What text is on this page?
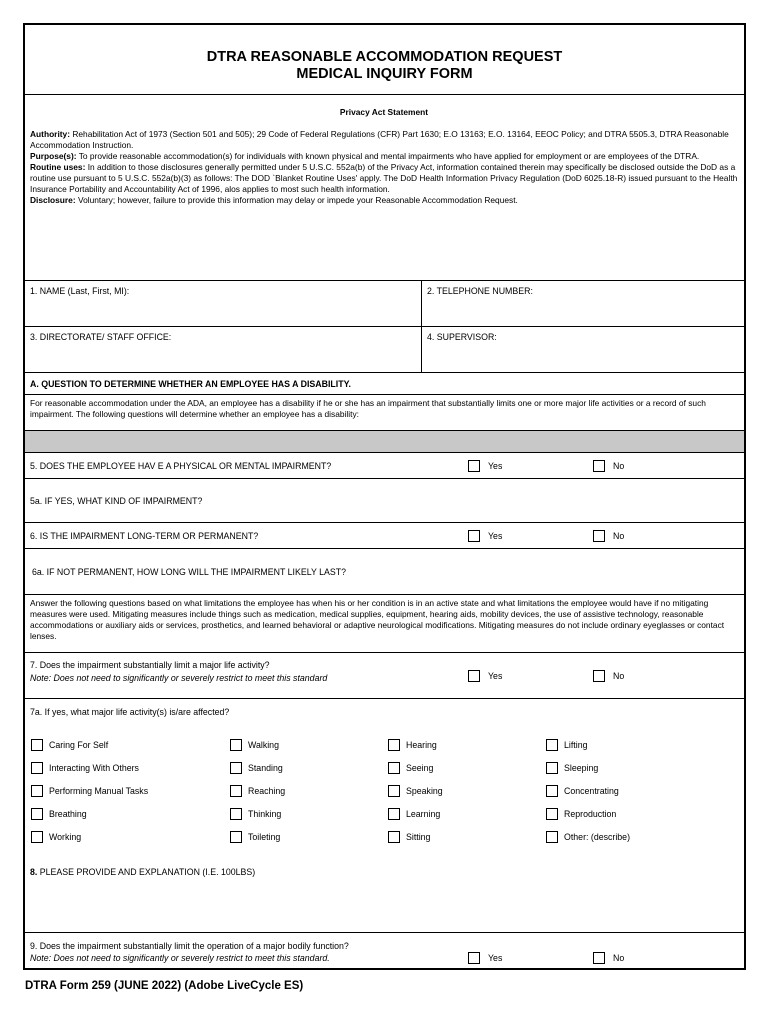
DTRA REASONABLE ACCOMMODATION REQUEST
MEDICAL INQUIRY FORM
Privacy Act Statement
Authority: Rehabilitation Act of 1973 (Section 501 and 505); 29 Code of Federal Regulations (CFR) Part 1630; E.O 13163; E.O. 13164, EEOC Policy; and DTRA 5505.3, DTRA Reasonable Accommodation Instruction.
Purpose(s): To provide reasonable accommodation(s) for individuals with known physical and mental impairments who have applied for employment or are employees of the DTRA.
Routine uses: In addition to those disclosures generally permitted under 5 U.S.C. 552a(b) of the Privacy Act, information contained therein may specifically be disclosed outside the DoD as a routine use pursuant to 5 U.S.C. 552a(b)(3) as follows: The DOD `Blanket Routine Uses' apply. The DoD Health Information Privacy Regulation (DoD 6025.18-R) issued pursuant to the Health Insurance Portability and Accountability Act of 1996, alos applies to most such health information.
Disclosure: Voluntary; however, failure to provide this information may delay or impede your Reasonable Accommodation Request.
1. NAME (Last, First, MI):	2. TELEPHONE NUMBER:
3. DIRECTORATE/ STAFF OFFICE:	4. SUPERVISOR:
A. QUESTION TO DETERMINE WHETHER AN EMPLOYEE HAS A DISABILITY.
For reasonable accommodation under the ADA, an employee has a disability if he or she has an impairment that substantially limits one or more major life activities or a record of such impairment. The following questions will determine whether an employee has a disability:
5. DOES THE EMPLOYEE HAV E A PHYSICAL OR MENTAL IMPAIRMENT?	Yes	No
5a. IF YES, WHAT KIND OF IMPAIRMENT?
6. IS THE IMPAIRMENT LONG-TERM OR PERMANENT?	Yes	No
6a. IF NOT PERMANENT, HOW LONG WILL THE IMPAIRMENT LIKELY LAST?
Answer the following questions based on what limitations the employee has when his or her condition is in an active state and what limitations the employee would have if no mitigating measures were used. Mitigating measures include things such as medication, medical supplies, equipment, hearing aids, mobility devices, the use of assistive technology, reasonable accommodations or auxiliary aids or services, prosthetics, and learned behavioral or adaptive neurological modifications. Mitigating measures do not include ordinary eyeglasses or contact lenses.
7. Does the impairment substantially limit a major life activity?
Note: Does not need to significantly or severely restrict to meet this standard	Yes	No
7a. If yes, what major life activity(s) is/are affected?
Caring For Self	Walking	Hearing	Lifting
Interacting With Others	Standing	Seeing	Sleeping
Performing Manual Tasks	Reaching	Speaking	Concentrating
Breathing	Thinking	Learning	Reproduction
Working	Toileting	Sitting	Other: (describe)
8. PLEASE PROVIDE AND EXPLANATION (I.E. 100LBS)
9. Does the impairment substantially limit the operation of a major bodily function?
Note: Does not need to significantly or severely restrict to meet this standard.	Yes	No
DTRA Form 259 (JUNE 2022) (Adobe LiveCycle ES)
